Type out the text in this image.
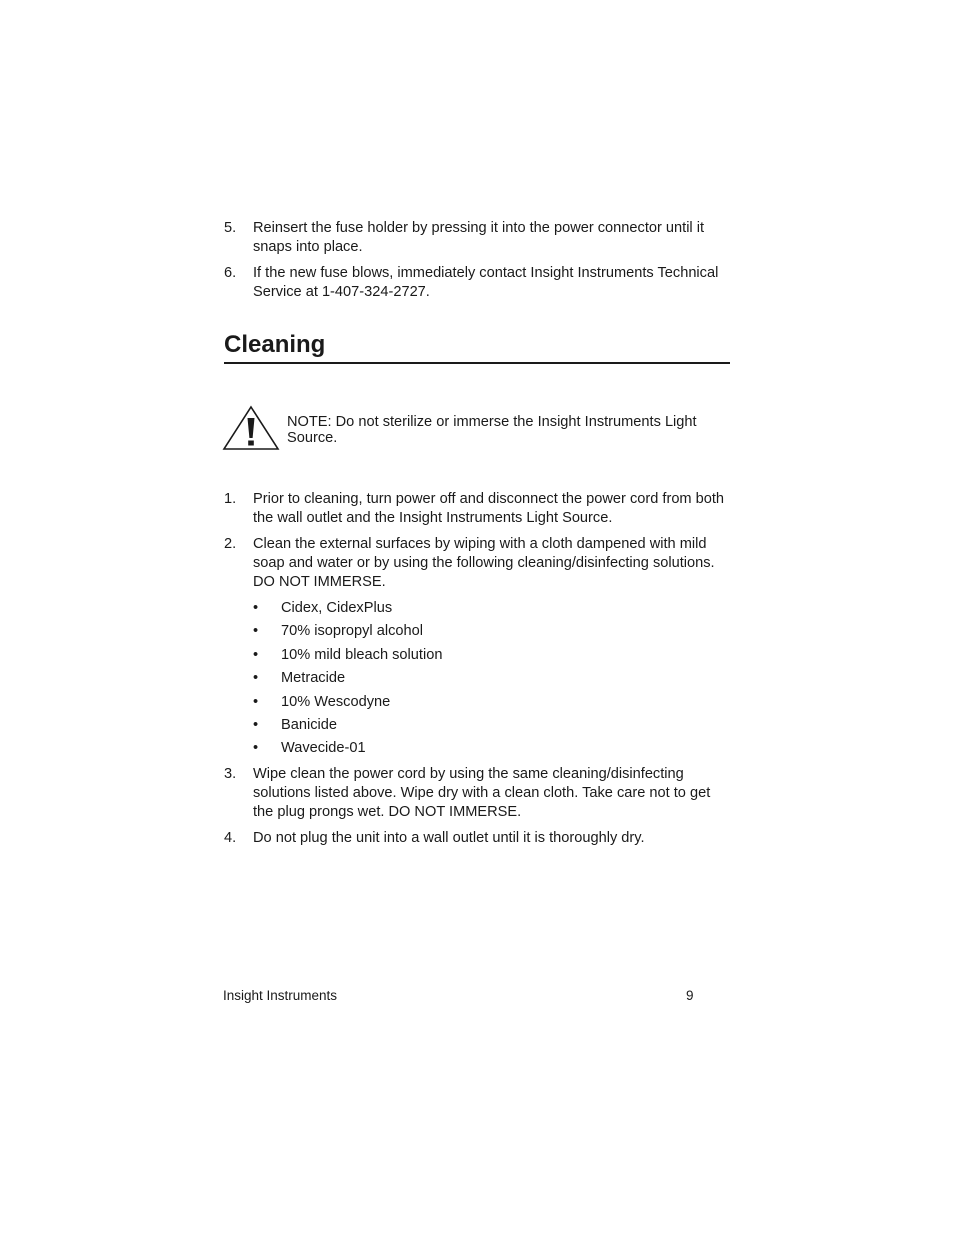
5. Reinsert the fuse holder by pressing it into the power connector until it snaps into place.
6. If the new fuse blows, immediately contact Insight Instruments Technical Service at 1-407-324-2727.
Cleaning
NOTE: Do not sterilize or immerse the Insight Instruments Light Source.
1. Prior to cleaning, turn power off and disconnect the power cord from both the wall outlet and the Insight Instruments Light Source.
2. Clean the external surfaces by wiping with a cloth dampened with mild soap and water or by using the following cleaning/disinfecting solutions. DO NOT IMMERSE.
• Cidex, CidexPlus
• 70% isopropyl alcohol
• 10% mild bleach solution
• Metracide
• 10% Wescodyne
• Banicide
• Wavecide-01
3. Wipe clean the power cord by using the same cleaning/disinfecting solutions listed above. Wipe dry with a clean cloth. Take care not to get the plug prongs wet. DO NOT IMMERSE.
4. Do not plug the unit into a wall outlet until it is thoroughly dry.
Insight Instruments	9
